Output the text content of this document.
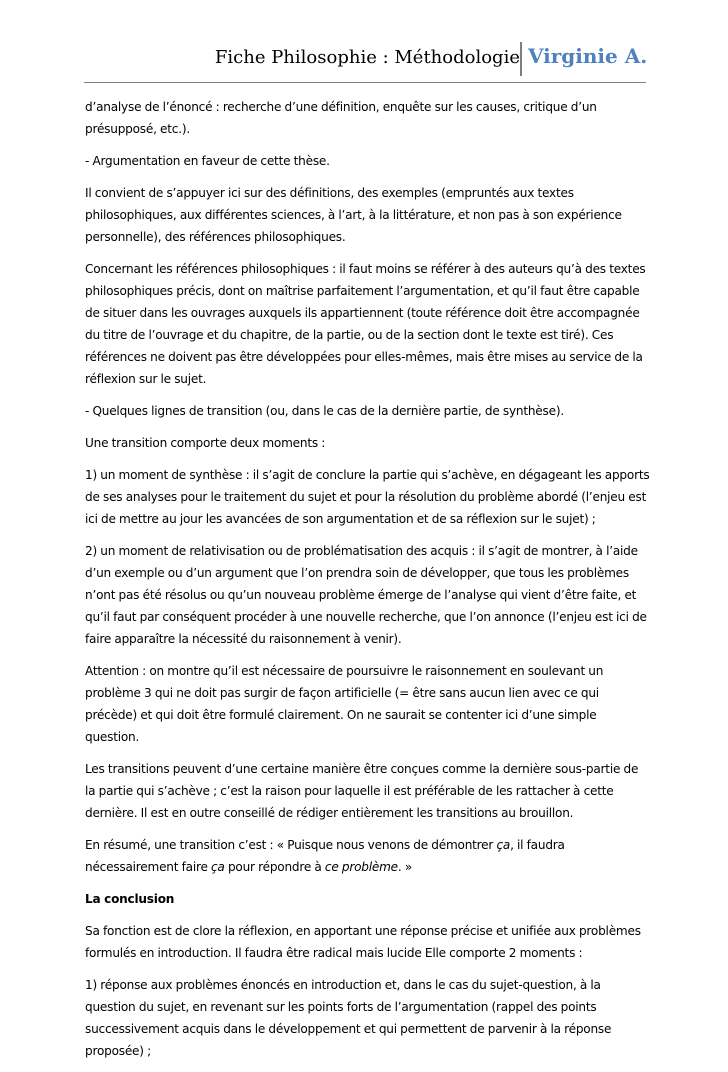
Fiche Philosophie : Méthodologie Virginie A.

d’analyse de l’énoncé : recherche d’une définition, enquête sur les causes, critique d’un présupposé, etc.).

- Argumentation en faveur de cette thèse.

Il convient de s’appuyer ici sur des définitions, des exemples (empruntés aux textes philosophiques, aux différentes sciences, à l’art, à la littérature, et non pas à son expérience personnelle), des références philosophiques.

Concernant les références philosophiques : il faut moins se référer à des auteurs qu’à des textes philosophiques précis, dont on maîtrise parfaitement l’argumentation, et qu’il faut être capable de situer dans les ouvrages auxquels ils appartiennent (toute référence doit être accompagnée du titre de l’ouvrage et du chapitre, de la partie, ou de la section dont le texte est tiré). Ces références ne doivent pas être développées pour elles-mêmes, mais être mises au service de la réflexion sur le sujet.

- Quelques lignes de transition (ou, dans le cas de la dernière partie, de synthèse).

Une transition comporte deux moments :

1) un moment de synthèse : il s’agit de conclure la partie qui s’achève, en dégageant les apports de ses analyses pour le traitement du sujet et pour la résolution du problème abordé (l’enjeu est ici de mettre au jour les avancées de son argumentation et de sa réflexion sur le sujet) ;

2) un moment de relativisation ou de problématisation des acquis : il s’agit de montrer, à l’aide d’un exemple ou d’un argument que l’on prendra soin de développer, que tous les problèmes n’ont pas été résolus ou qu’un nouveau problème émerge de l’analyse qui vient d’être faite, et qu’il faut par conséquent procéder à une nouvelle recherche, que l’on annonce (l’enjeu est ici de faire apparaître la nécessité du raisonnement à venir).

Attention : on montre qu’il est nécessaire de poursuivre le raisonnement en soulevant un problème 3 qui ne doit pas surgir de façon artificielle (= être sans aucun lien avec ce qui précède) et qui doit être formulé clairement. On ne saurait se contenter ici d’une simple question.

Les transitions peuvent d’une certaine manière être conçues comme la dernière sous-partie de la partie qui s’achève ; c’est la raison pour laquelle il est préférable de les rattacher à cette dernière. Il est en outre conseillé de rédiger entièrement les transitions au brouillon.

En résumé, une transition c’est : « Puisque nous venons de démontrer ça, il faudra nécessairement faire ça pour répondre à ce problème. »

La conclusion

Sa fonction est de clore la réflexion, en apportant une réponse précise et unifiée aux problèmes formulés en introduction. Il faudra être radical mais lucide Elle comporte 2 moments :

1) réponse aux problèmes énoncés en introduction et, dans le cas du sujet-question, à la question du sujet, en revenant sur les points forts de l’argumentation (rappel des points successivement acquis dans le développement et qui permettent de parvenir à la réponse proposée) ;
